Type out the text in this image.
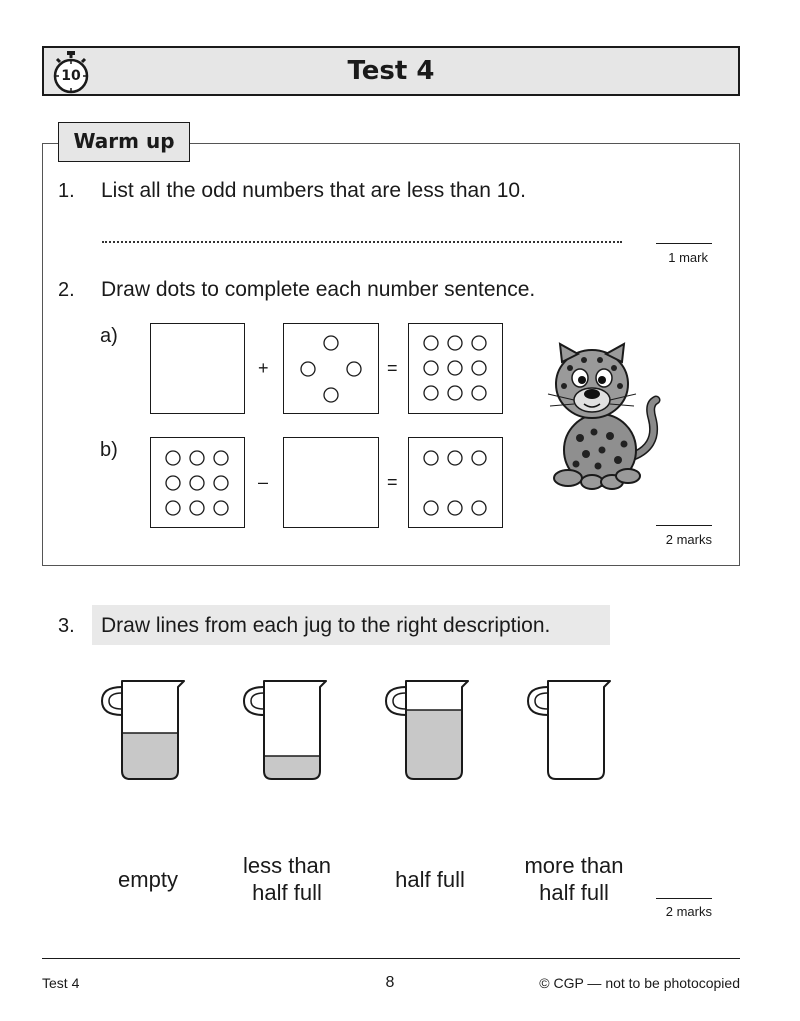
10	Test 4
Warm up
1. List all the odd numbers that are less than 10.
1 mark
2. Draw dots to complete each number sentence.
a)
+	=
b)
–	=
2 marks
3. Draw lines from each jug to the right description.
empty
less than
half full
half full
more than
half full
2 marks
Test 4	8	© CGP — not to be photocopied
